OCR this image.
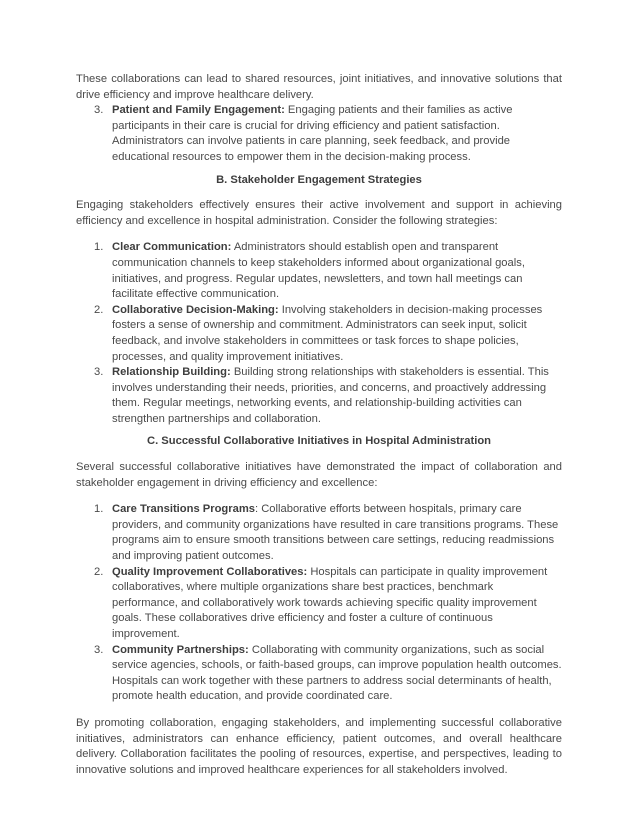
These collaborations can lead to shared resources, joint initiatives, and innovative solutions that drive efficiency and improve healthcare delivery.

3. Patient and Family Engagement: Engaging patients and their families as active participants in their care is crucial for driving efficiency and patient satisfaction. Administrators can involve patients in care planning, seek feedback, and provide educational resources to empower them in the decision-making process.
B. Stakeholder Engagement Strategies

Engaging stakeholders effectively ensures their active involvement and support in achieving efficiency and excellence in hospital administration. Consider the following strategies:

1. Clear Communication: Administrators should establish open and transparent communication channels to keep stakeholders informed about organizational goals, initiatives, and progress. Regular updates, newsletters, and town hall meetings can facilitate effective communication.
2. Collaborative Decision-Making: Involving stakeholders in decision-making processes fosters a sense of ownership and commitment. Administrators can seek input, solicit feedback, and involve stakeholders in committees or task forces to shape policies, processes, and quality improvement initiatives.
3. Relationship Building: Building strong relationships with stakeholders is essential. This involves understanding their needs, priorities, and concerns, and proactively addressing them. Regular meetings, networking events, and relationship-building activities can strengthen partnerships and collaboration.
C. Successful Collaborative Initiatives in Hospital Administration

Several successful collaborative initiatives have demonstrated the impact of collaboration and stakeholder engagement in driving efficiency and excellence:

1. Care Transitions Programs: Collaborative efforts between hospitals, primary care providers, and community organizations have resulted in care transitions programs. These programs aim to ensure smooth transitions between care settings, reducing readmissions and improving patient outcomes.
2. Quality Improvement Collaboratives: Hospitals can participate in quality improvement collaboratives, where multiple organizations share best practices, benchmark performance, and collaboratively work towards achieving specific quality improvement goals. These collaboratives drive efficiency and foster a culture of continuous improvement.
3. Community Partnerships: Collaborating with community organizations, such as social service agencies, schools, or faith-based groups, can improve population health outcomes. Hospitals can work together with these partners to address social determinants of health, promote health education, and provide coordinated care.

By promoting collaboration, engaging stakeholders, and implementing successful collaborative initiatives, administrators can enhance efficiency, patient outcomes, and overall healthcare delivery. Collaboration facilitates the pooling of resources, expertise, and perspectives, leading to innovative solutions and improved healthcare experiences for all stakeholders involved.
